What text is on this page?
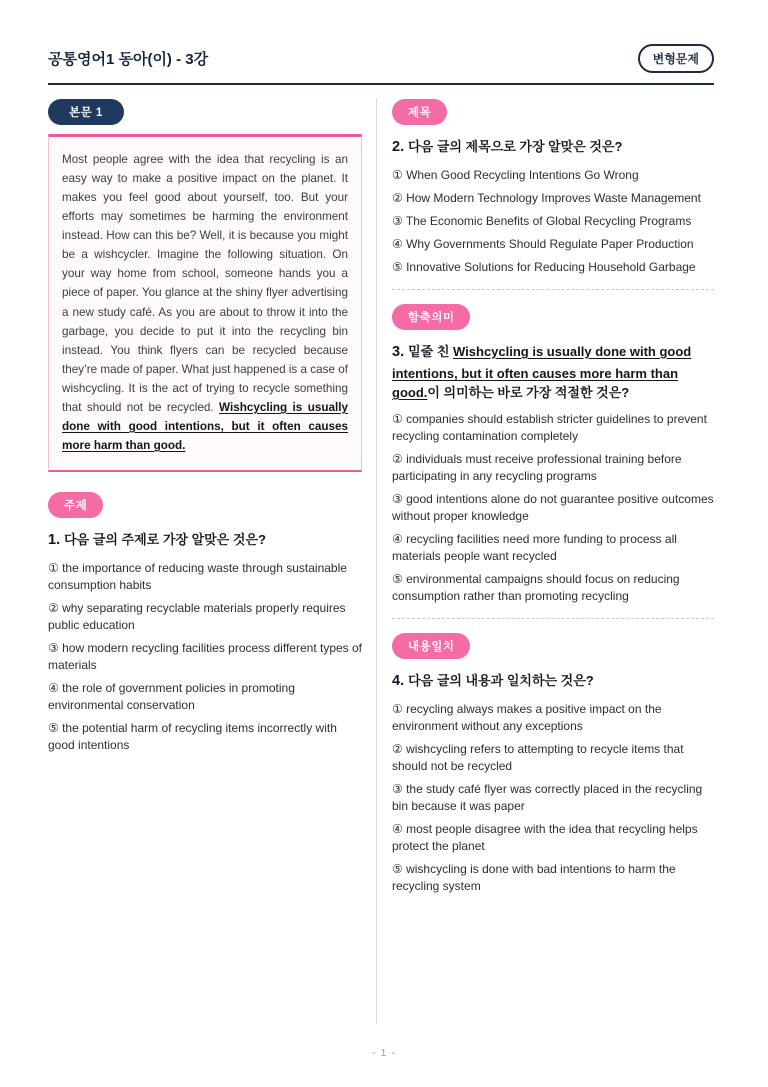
공통영어1 동아(이) - 3강	변형문제
본문 1
Most people agree with the idea that recycling is an easy way to make a positive impact on the planet. It makes you feel good about yourself, too. But your efforts may sometimes be harming the environment instead. How can this be? Well, it is because you might be a wishcycler. Imagine the following situation. On your way home from school, someone hands you a piece of paper. You glance at the shiny flyer advertising a new study café. As you are about to throw it into the garbage, you decide to put it into the recycling bin instead. You think flyers can be recycled because they’re made of paper. What just happened is a case of wishcycling. It is the act of trying to recycle something that should not be recycled. Wishcycling is usually done with good intentions, but it often causes more harm than good.
주제
1. 다음 글의 주제로 가장 알맞은 것은?
① the importance of reducing waste through sustainable consumption habits
② why separating recyclable materials properly requires public education
③ how modern recycling facilities process different types of materials
④ the role of government policies in promoting environmental conservation
⑤ the potential harm of recycling items incorrectly with good intentions
제목
2. 다음 글의 제목으로 가장 알맞은 것은?
① When Good Recycling Intentions Go Wrong
② How Modern Technology Improves Waste Management
③ The Economic Benefits of Global Recycling Programs
④ Why Governments Should Regulate Paper Production
⑤ Innovative Solutions for Reducing Household Garbage
함축의미
3. 밑줄 친 Wishcycling is usually done with good intentions, but it often causes more harm than good.이 의미하는 바로 가장 적절한 것은?
① companies should establish stricter guidelines to prevent recycling contamination completely
② individuals must receive professional training before participating in any recycling programs
③ good intentions alone do not guarantee positive outcomes without proper knowledge
④ recycling facilities need more funding to process all materials people want recycled
⑤ environmental campaigns should focus on reducing consumption rather than promoting recycling
내용일치
4. 다음 글의 내용과 일치하는 것은?
① recycling always makes a positive impact on the environment without any exceptions
② wishcycling refers to attempting to recycle items that should not be recycled
③ the study café flyer was correctly placed in the recycling bin because it was paper
④ most people disagree with the idea that recycling helps protect the planet
⑤ wishcycling is done with bad intentions to harm the recycling system
- 1 -
